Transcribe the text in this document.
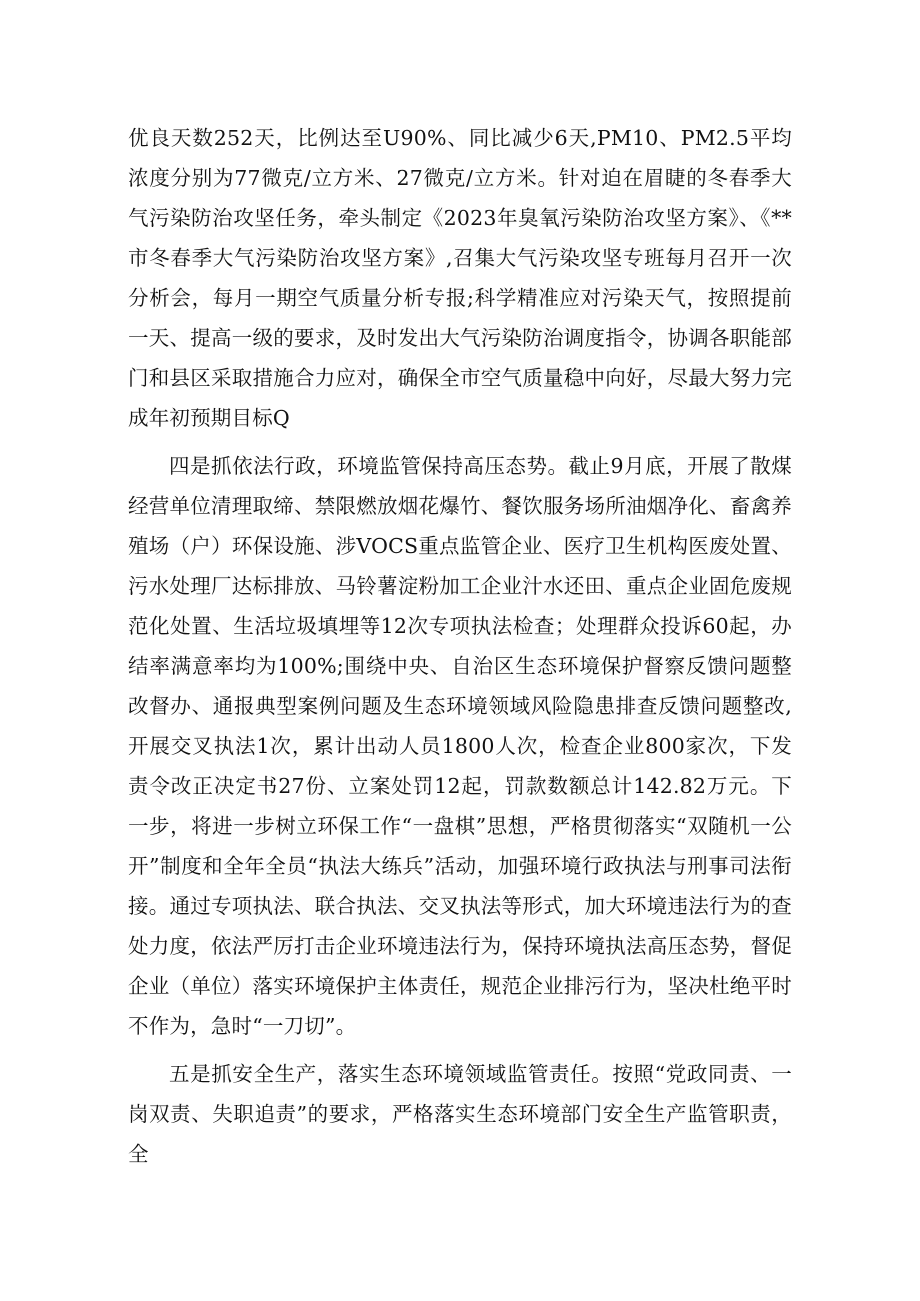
优良天数252天，比例达至U90%、同比减少6天,PM10、PM2.5平均浓度分别为77微克/立方米、27微克/立方米。针对迫在眉睫的冬春季大气污染防治攻坚任务，牵头制定《2023年臭氧污染防治攻坚方案》、《**市冬春季大气污染防治攻坚方案》,召集大气污染攻坚专班每月召开一次分析会，每月一期空气质量分析专报;科学精准应对污染天气，按照提前一天、提高一级的要求，及时发出大气污染防治调度指令，协调各职能部门和县区采取措施合力应对，确保全市空气质量稳中向好，尽最大努力完成年初预期目标Q

四是抓依法行政，环境监管保持高压态势。截止9月底，开展了散煤经营单位清理取缔、禁限燃放烟花爆竹、餐饮服务场所油烟净化、畜禽养殖场（户）环保设施、涉VOCS重点监管企业、医疗卫生机构医废处置、污水处理厂达标排放、马铃薯淀粉加工企业汁水还田、重点企业固危废规范化处置、生活垃圾填埋等12次专项执法检查；处理群众投诉60起，办结率满意率均为100%;围绕中央、自治区生态环境保护督察反馈问题整改督办、通报典型案例问题及生态环境领域风险隐患排查反馈问题整改,开展交叉执法1次，累计出动人员1800人次，检查企业800家次，下发责令改正决定书27份、立案处罚12起，罚款数额总计142.82万元。下一步，将进一步树立环保工作“一盘棋”思想，严格贯彻落实“双随机一公开”制度和全年全员“执法大练兵”活动，加强环境行政执法与刑事司法衔接。通过专项执法、联合执法、交叉执法等形式，加大环境违法行为的查处力度，依法严厉打击企业环境违法行为，保持环境执法高压态势，督促企业（单位）落实环境保护主体责任，规范企业排污行为，坚决杜绝平时不作为，急时“一刀切”。

五是抓安全生产，落实生态环境领域监管责任。按照“党政同责、一岗双责、失职追责”的要求，严格落实生态环境部门安全生产监管职责，全
